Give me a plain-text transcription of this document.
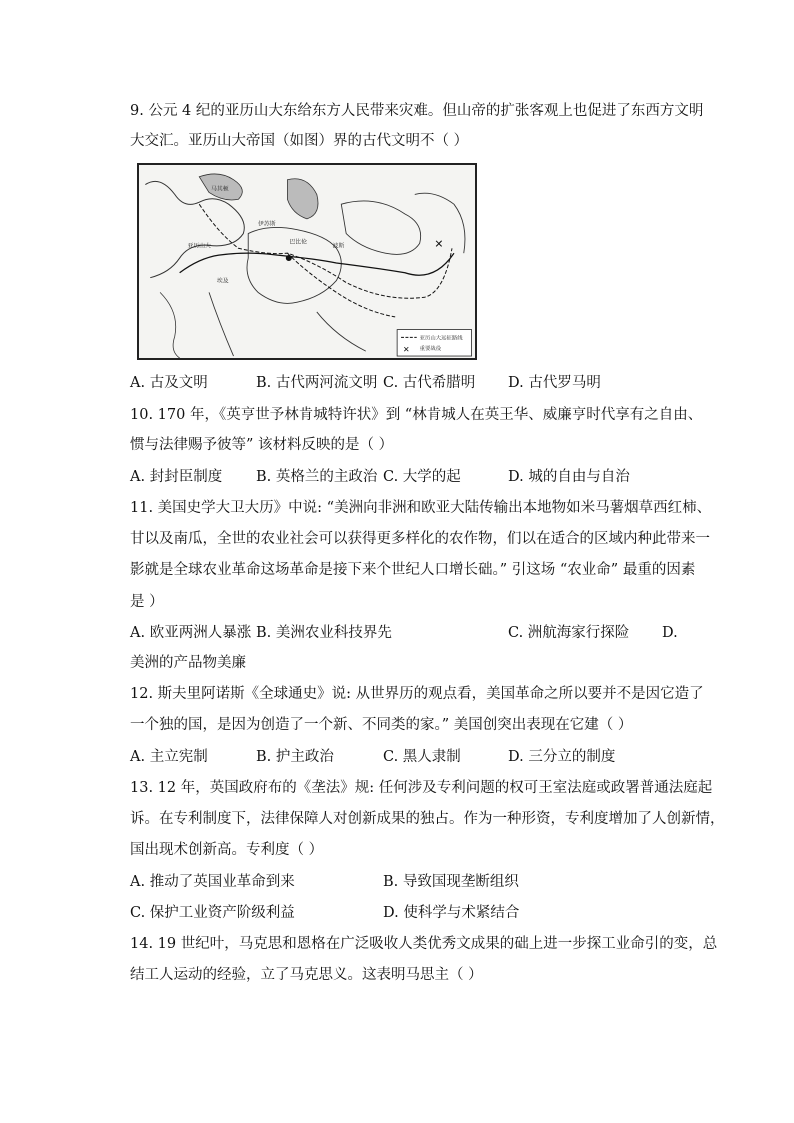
9. 公元 4 纪的亚历山大东给东方人民带来灾难。但山帝的扩张客观上也促进了东西方文明
大交汇。亚历山大帝国（如图）界的古代文明不（ ）
✕
●
马其顿
伊苏斯
亚历山大
巴比伦
波斯
埃及
亚历山大远征路线
✕ 重要战役
A. 古及文明	B. 古代两河流文明 C. 古代希腊明 D. 古代罗马明
10. 170 年，《英亨世予林肯城特许状》到 “林肯城人在英王华、威廉亨时代享有之自由、
惯与法律赐予彼等” 该材料反映的是（ ）
A. 封封臣制度 B. 英格兰的主政治 C. 大学的起	D. 城的自由与自治
11. 美国史学大卫大历》中说: “美洲向非洲和欧亚大陆传输出本地物如米马薯烟草西红柿、
甘以及南瓜，全世的农业社会可以获得更多样化的农作物，们以在适合的区域内种此带来一
影就是全球农业革命这场革命是接下来个世纪人口增长础。” 引这场 “农业命” 最重的因素
是 ）
A. 欧亚两洲人暴涨 B. 美洲农业科技界先	C. 洲航海家行探险 D.
美洲的产品物美廉
12. 斯夫里阿诺斯《全球通史》说: 从世界历的观点看，美国革命之所以要并不是因它造了
一个独的国，是因为创造了一个新、不同类的家。” 美国创突出表现在它建（ ）
A. 主立宪制	B. 护主政治	C. 黑人隶制	D. 三分立的制度
13. 12 年，英国政府布的《垄法》规: 任何涉及专利问题的权可王室法庭或政署普通法庭起
诉。在专利制度下，法律保障人对创新成果的独占。作为一种形资，专利度增加了人创新情，
国出现术创新高。专利度（ ）
A. 推动了英国业革命到来	B. 导致国现垄断组织
C. 保护工业资产阶级利益	D. 使科学与术紧结合
14. 19 世纪叶，马克思和恩格在广泛吸收人类优秀文成果的础上进一步探工业命引的变，总
结工人运动的经验，立了马克思义。这表明马思主（ ）
